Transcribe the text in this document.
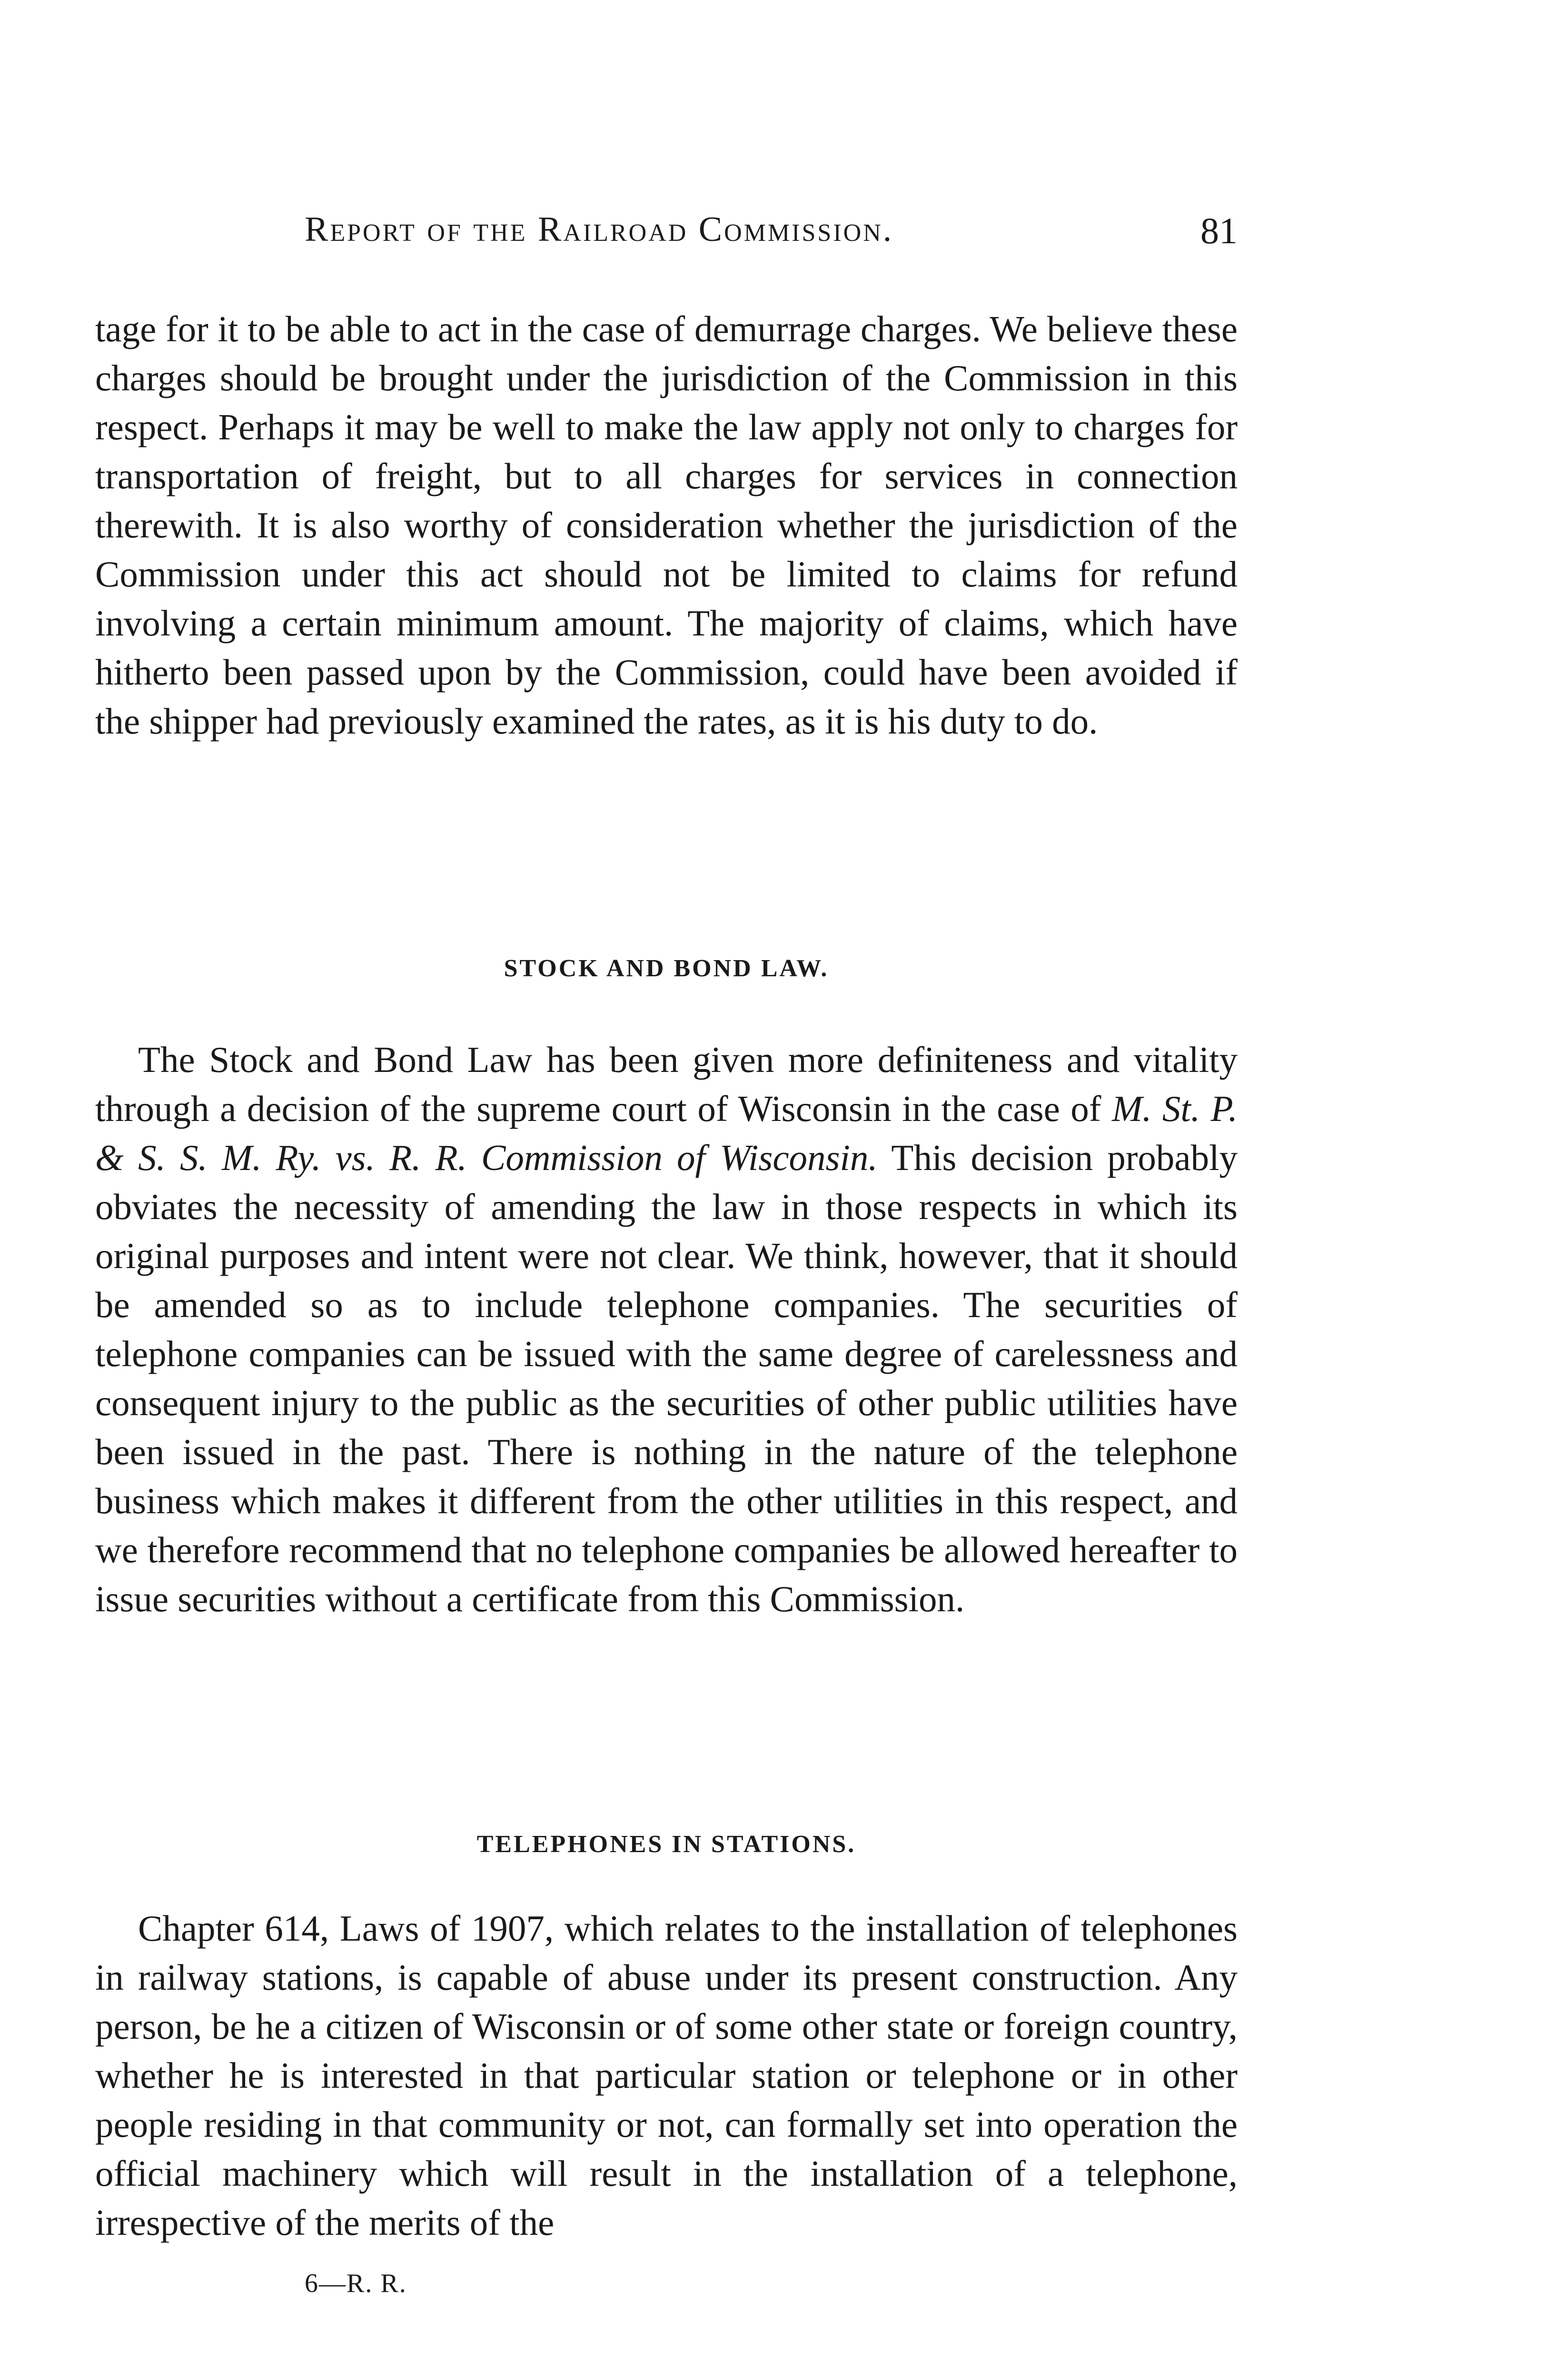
Report of the Railroad Commission.	81

tage for it to be able to act in the case of demurrage charges. We believe these charges should be brought under the jurisdiction of the Commission in this respect. Perhaps it may be well to make the law apply not only to charges for transportation of freight, but to all charges for services in connection therewith. It is also worthy of consideration whether the jurisdiction of the Commission under this act should not be limited to claims for refund involving a certain minimum amount. The majority of claims, which have hitherto been passed upon by the Commission, could have been avoided if the shipper had previously examined the rates, as it is his duty to do.

STOCK AND BOND LAW.

The Stock and Bond Law has been given more definiteness and vitality through a decision of the supreme court of Wisconsin in the case of M. St. P. & S. S. M. Ry. vs. R. R. Commission of Wisconsin. This decision probably obviates the necessity of amending the law in those respects in which its original purposes and intent were not clear. We think, however, that it should be amended so as to include telephone companies. The securities of telephone companies can be issued with the same degree of carelessness and consequent injury to the public as the securities of other public utilities have been issued in the past. There is nothing in the nature of the telephone business which makes it different from the other utilities in this respect, and we therefore recommend that no telephone companies be allowed hereafter to issue securities without a certificate from this Commission.

TELEPHONES IN STATIONS.

Chapter 614, Laws of 1907, which relates to the installation of telephones in railway stations, is capable of abuse under its present construction. Any person, be he a citizen of Wisconsin or of some other state or foreign country, whether he is interested in that particular station or telephone or in other people residing in that community or not, can formally set into operation the official machinery which will result in the installation of a telephone, irrespective of the merits of the

6—R. R.
